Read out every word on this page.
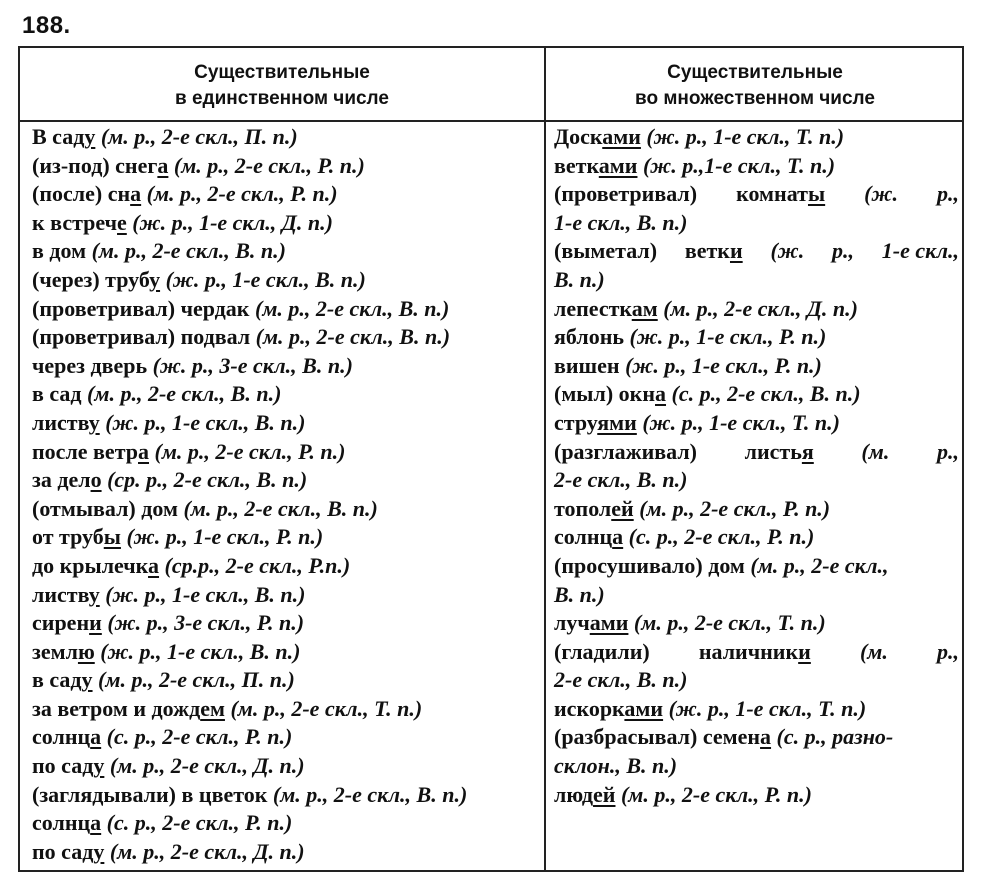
188.
Существительные
в единственном числе
Существительные
во множественном числе
В саду (м. р., 2-е скл., П. п.)
(из-под) снега (м. р., 2-е скл., Р. п.)
(после) сна (м. р., 2-е скл., Р. п.)
к встрече (ж. р., 1-е скл., Д. п.)
в дом (м. р., 2-е скл., В. п.)
(через) трубу (ж. р., 1-е скл., В. п.)
(проветривал) чердак (м. р., 2-е скл., В. п.)
(проветривал) подвал (м. р., 2-е скл., В. п.)
через дверь (ж. р., 3-е скл., В. п.)
в сад (м. р., 2-е скл., В. п.)
листву (ж. р., 1-е скл., В. п.)
после ветра (м. р., 2-е скл., Р. п.)
за дело (ср. р., 2-е скл., В. п.)
(отмывал) дом (м. р., 2-е скл., В. п.)
от трубы (ж. р., 1-е скл., Р. п.)
до крылечка (ср.р., 2-е скл., Р.п.)
листву (ж. р., 1-е скл., В. п.)
сирени (ж. р., 3-е скл., Р. п.)
землю (ж. р., 1-е скл., В. п.)
в саду (м. р., 2-е скл., П. п.)
за ветром и дождем (м. р., 2-е скл., Т. п.)
солнца (с. р., 2-е скл., Р. п.)
по саду (м. р., 2-е скл., Д. п.)
(заглядывали) в цветок (м. р., 2-е скл., В. п.)
солнца (с. р., 2-е скл., Р. п.)
по саду (м. р., 2-е скл., Д. п.)
Досками (ж. р., 1-е скл., Т. п.)
ветками (ж. р.,1-е скл., Т. п.)
(проветривал) комнаты (ж. р.,
1-е скл., В. п.)
(выметал) ветки (ж. р., 1-е скл.,
В. п.)
лепесткам (м. р., 2-е скл., Д. п.)
яблонь (ж. р., 1-е скл., Р. п.)
вишен (ж. р., 1-е скл., Р. п.)
(мыл) окна (с. р., 2-е скл., В. п.)
струями (ж. р., 1-е скл., Т. п.)
(разглаживал) листья (м. р.,
2-е скл., В. п.)
тополей (м. р., 2-е скл., Р. п.)
солнца (с. р., 2-е скл., Р. п.)
(просушивало) дом (м. р., 2-е скл.,
В. п.)
лучами (м. р., 2-е скл., Т. п.)
(гладили) наличники (м. р.,
2-е скл., В. п.)
искорками (ж. р., 1-е скл., Т. п.)
(разбрасывал) семена (с. р., разно-
склон., В. п.)
людей (м. р., 2-е скл., Р. п.)
